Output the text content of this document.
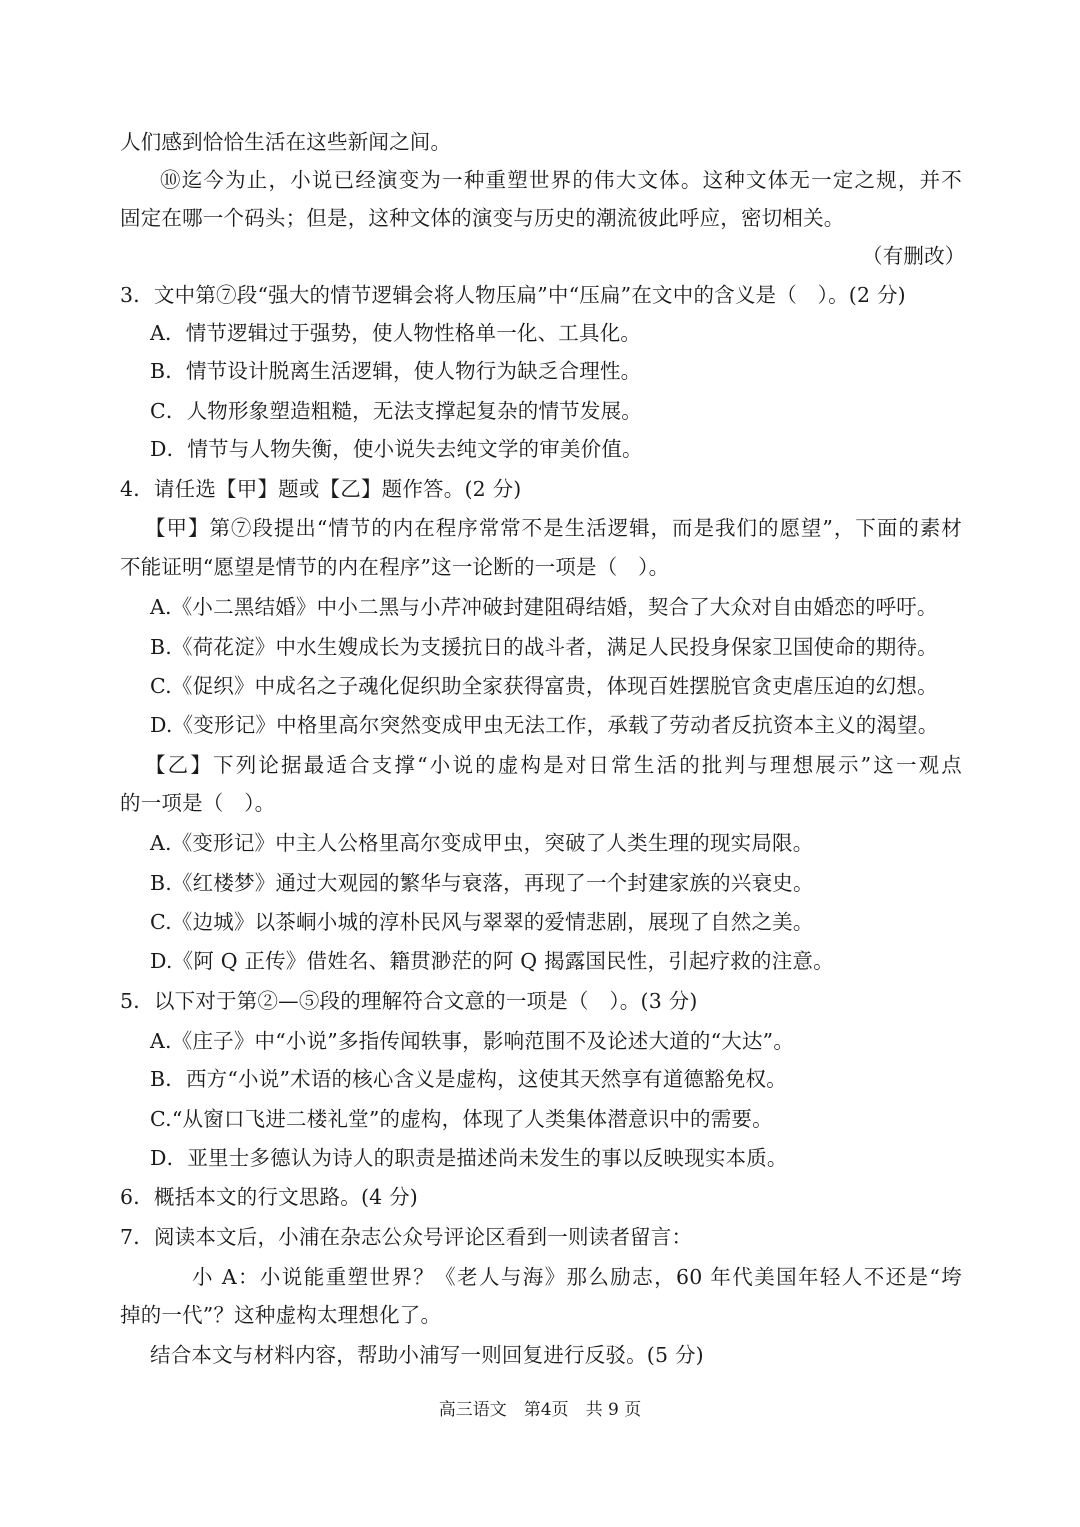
人们感到恰恰生活在这些新闻之间。
⑩迄今为止，小说已经演变为一种重塑世界的伟大文体。这种文体无一定之规，并不
固定在哪一个码头；但是，这种文体的演变与历史的潮流彼此呼应，密切相关。
（有删改）
3．文中第⑦段“强大的情节逻辑会将人物压扁”中“压扁”在文中的含义是（　）。(2 分)
A．情节逻辑过于强势，使人物性格单一化、工具化。
B．情节设计脱离生活逻辑，使人物行为缺乏合理性。
C．人物形象塑造粗糙，无法支撑起复杂的情节发展。
D．情节与人物失衡，使小说失去纯文学的审美价值。
4．请任选【甲】题或【乙】题作答。(2 分)
【甲】第⑦段提出“情节的内在程序常常不是生活逻辑，而是我们的愿望”，下面的素材
不能证明“愿望是情节的内在程序”这一论断的一项是（　）。
A.《小二黑结婚》中小二黑与小芹冲破封建阻碍结婚，契合了大众对自由婚恋的呼吁。
B.《荷花淀》中水生嫂成长为支援抗日的战斗者，满足人民投身保家卫国使命的期待。
C.《促织》中成名之子魂化促织助全家获得富贵，体现百姓摆脱官贪吏虐压迫的幻想。
D.《变形记》中格里高尔突然变成甲虫无法工作，承载了劳动者反抗资本主义的渴望。
【乙】下列论据最适合支撑“小说的虚构是对日常生活的批判与理想展示”这一观点
的一项是（　）。
A.《变形记》中主人公格里高尔变成甲虫，突破了人类生理的现实局限。
B.《红楼梦》通过大观园的繁华与衰落，再现了一个封建家族的兴衰史。
C.《边城》以茶峒小城的淳朴民风与翠翠的爱情悲剧，展现了自然之美。
D.《阿 Q 正传》借姓名、籍贯渺茫的阿 Q 揭露国民性，引起疗救的注意。
5．以下对于第②—⑤段的理解符合文意的一项是（　）。(3 分)
A.《庄子》中“小说”多指传闻轶事，影响范围不及论述大道的“大达”。
B．西方“小说”术语的核心含义是虚构，这使其天然享有道德豁免权。
C.“从窗口飞进二楼礼堂”的虚构，体现了人类集体潜意识中的需要。
D．亚里士多德认为诗人的职责是描述尚未发生的事以反映现实本质。
6．概括本文的行文思路。(4 分)
7．阅读本文后，小浦在杂志公众号评论区看到一则读者留言：
小 A：小说能重塑世界？《老人与海》那么励志，60 年代美国年轻人不还是“垮
掉的一代”？这种虚构太理想化了。
结合本文与材料内容，帮助小浦写一则回复进行反驳。(5 分)
高三语文　第4页　共 9 页
